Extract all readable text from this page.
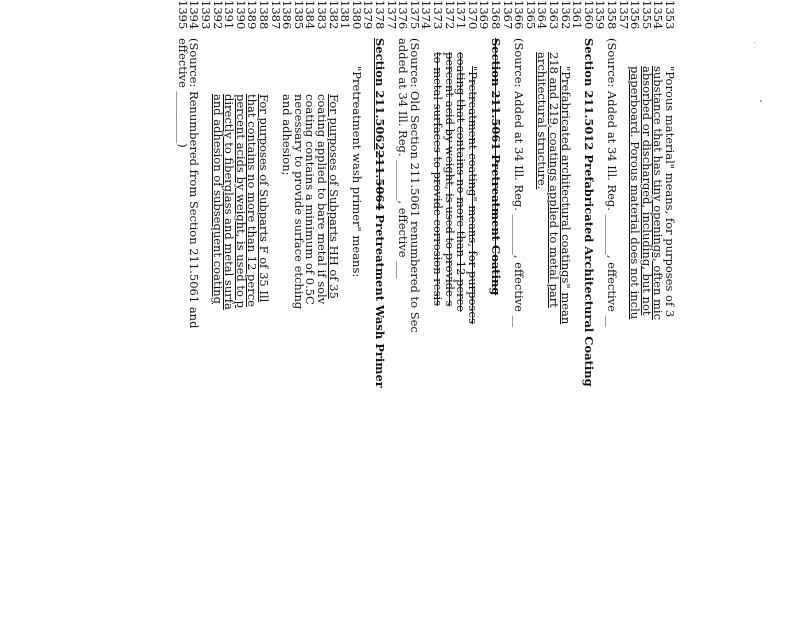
1353
"Porous material" means, for purposes of 3
1354
substance that has tiny openings, often mic
1355
absorbed or discharged, including, but not
1356
paperboard. Porous material does not inclu
1357
1358
(Source: Added at 34 Ill. Reg. _______, effective __
1359
1360
Section 211.5012 Prefabricated Architectural Coating
1361
1362
"Prefabricated architectural coatings" mean
1363
218 and 219, coatings applied to metal part
1364
architectural structure.
1365
1366
(Source: Added at 34 Ill. Reg. _______, effective __
1367
1368
Section 211.5061 Pretreatment Coating
1369
1370
"Pretreatment coating" means, for purposes
1371
coating that contains no more than 12 perce
1372
percent acid by weight, is used to provide s
1373
to metal surfaces to provide corrosion resis
1374
1375
(Source: Old Section 211.5061 renumbered to Sec
1376
added at 34 Ill. Reg. _______, effective ___
1377
1378
Section 211.5062211.5064 Pretreatment Wash Primer
1379
1380
"Pretreatment wash primer" means:
1381
1382
For purposes of Subparts HH of 35
1383
coating applied to bare metal if solv
1384
coating contains a minimum of 0.5C
1385
necessary to provide surface etching
1386
and adhesion;
1387
1388
For purposes of Subparts F of 35 Ill
1389
that contains no more than 12 perce
1390
percent acids by weight, is used to p
1391
directly to fiberglass and metal surfa
1392
and adhesion of subsequent coating
1393
1394
(Source: Renumbered from Section 211.5061 and
1395
effective _________)
